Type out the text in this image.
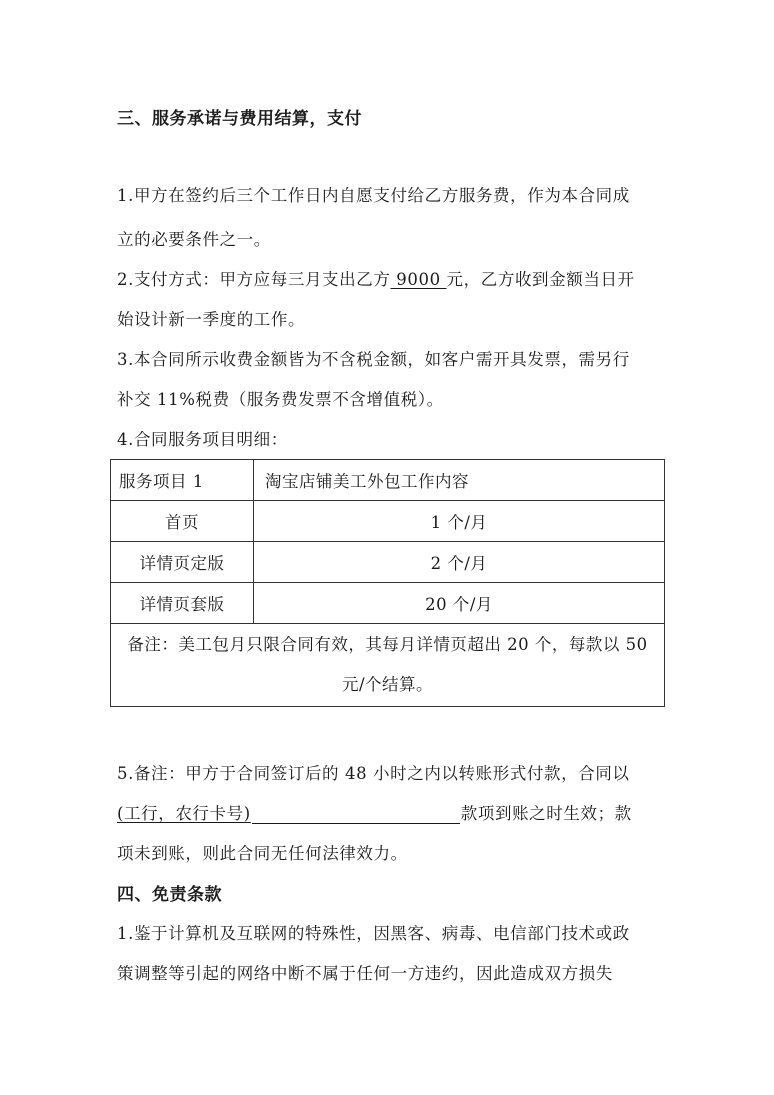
三、服务承诺与费用结算，支付
1.甲方在签约后三个工作日内自愿支付给乙方服务费，作为本合同成
立的必要条件之一。
2.支付方式：甲方应每三月支出乙方 9000 元，乙方收到金额当日开
始设计新一季度的工作。
3.本合同所示收费金额皆为不含税金额，如客户需开具发票，需另行
补交 11%税费（服务费发票不含增值税）。
4.合同服务项目明细：
服务项目 1	淘宝店铺美工外包工作内容
首页	1 个/月
详情页定版	2 个/月
详情页套版	20 个/月

备注：美工包月只限合同有效，其每月详情页超出 20 个，每款以 50
元/个结算。	
5.备注：甲方于合同签订后的 48 小时之内以转账形式付款，合同以
(工行，农行卡号)	款项到账之时生效；款
项未到账，则此合同无任何法律效力。
四、免责条款
1.鉴于计算机及互联网的特殊性，因黑客、病毒、电信部门技术或政
策调整等引起的网络中断不属于任何一方违约，因此造成双方损失
